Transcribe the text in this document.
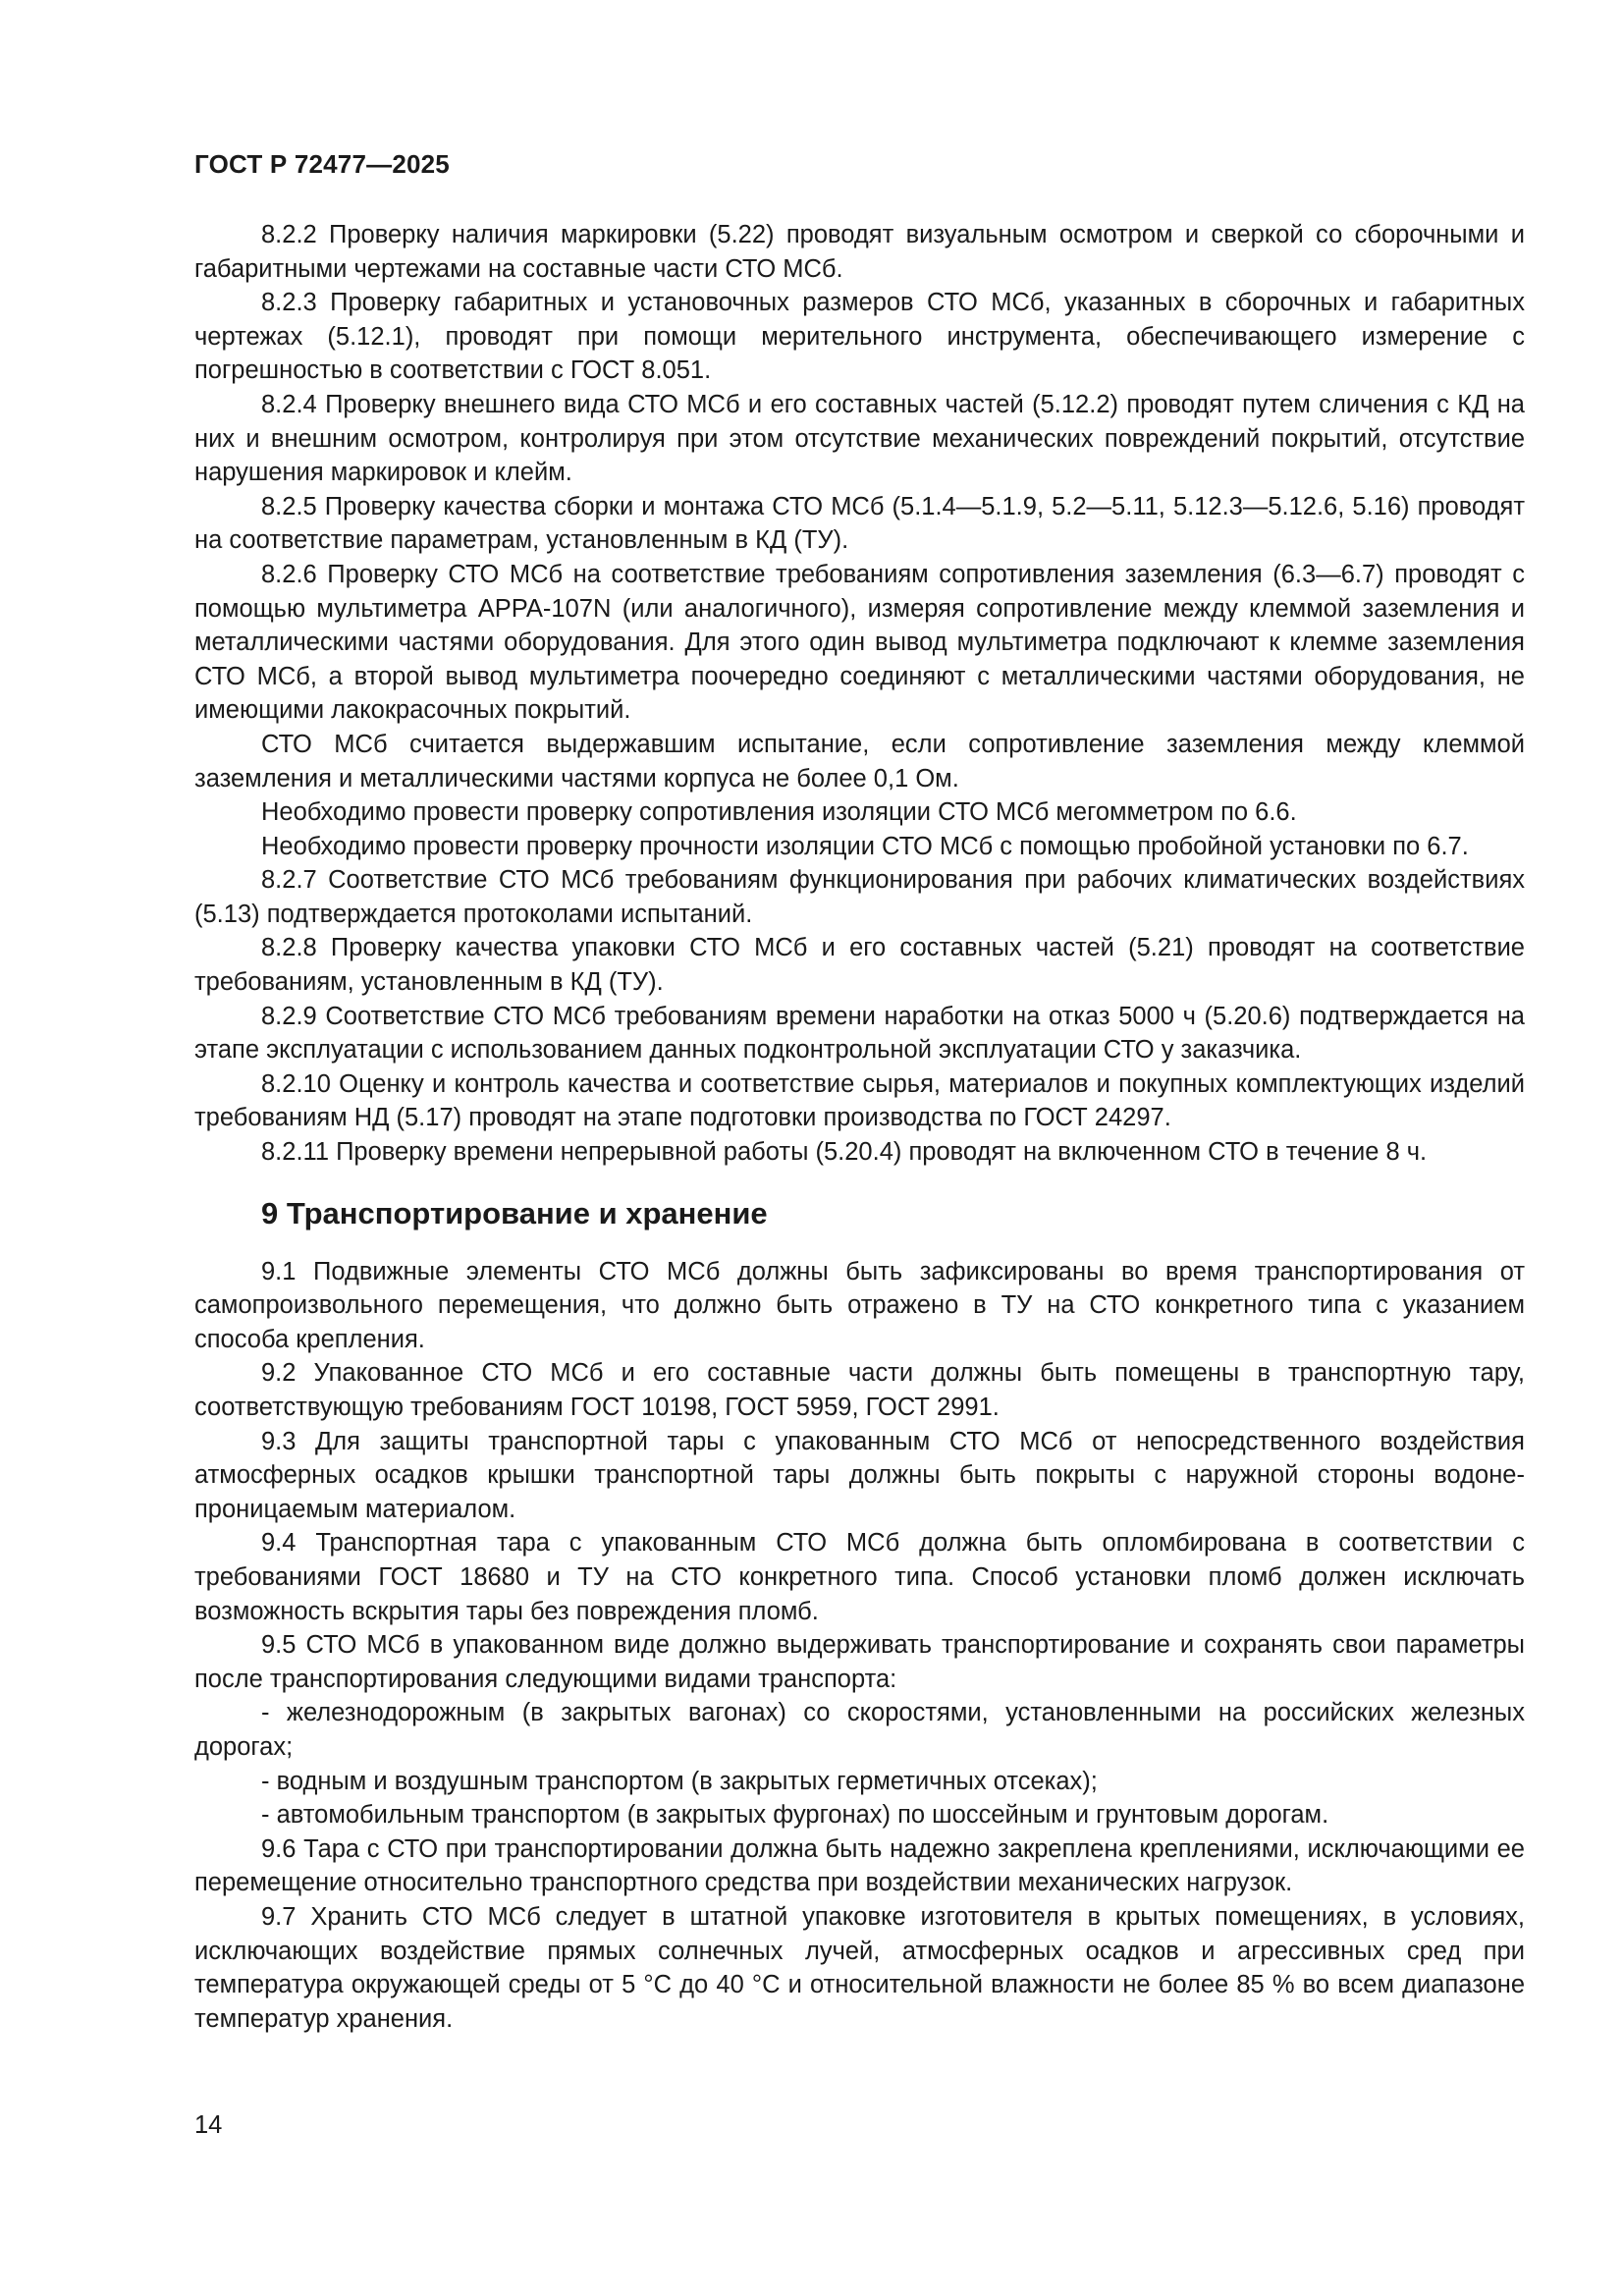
ГОСТ Р 72477—2025

8.2.2 Проверку наличия маркировки (5.22) проводят визуальным осмотром и сверкой со сборочными и габаритными чертежами на составные части СТО МСб.

8.2.3 Проверку габаритных и установочных размеров СТО МСб, указанных в сборочных и габаритных чертежах (5.12.1), проводят при помощи мерительного инструмента, обеспечивающего измерение с погрешностью в соответствии с ГОСТ 8.051.

8.2.4 Проверку внешнего вида СТО МСб и его составных частей (5.12.2) проводят путем сличения с КД на них и внешним осмотром, контролируя при этом отсутствие механических повреждений покрытий, отсутствие нарушения маркировок и клейм.

8.2.5 Проверку качества сборки и монтажа СТО МСб (5.1.4—5.1.9, 5.2—5.11, 5.12.3—5.12.6, 5.16) проводят на соответствие параметрам, установленным в КД (ТУ).

8.2.6 Проверку СТО МСб на соответствие требованиям сопротивления заземления (6.3—6.7) проводят с помощью мультиметра APPA-107N (или аналогичного), измеряя сопротивление между клеммой заземления и металлическими частями оборудования. Для этого один вывод мультиметра подключают к клемме заземления СТО МСб, а второй вывод мультиметра поочередно соединяют с металлическими частями оборудования, не имеющими лакокрасочных покрытий.

СТО МСб считается выдержавшим испытание, если сопротивление заземления между клеммой заземления и металлическими частями корпуса не более 0,1 Ом.

Необходимо провести проверку сопротивления изоляции СТО МСб мегомметром по 6.6.

Необходимо провести проверку прочности изоляции СТО МСб с помощью пробойной установки по 6.7.

8.2.7 Соответствие СТО МСб требованиям функционирования при рабочих климатических воздействиях (5.13) подтверждается протоколами испытаний.

8.2.8 Проверку качества упаковки СТО МСб и его составных частей (5.21) проводят на соответствие требованиям, установленным в КД (ТУ).

8.2.9 Соответствие СТО МСб требованиям времени наработки на отказ 5000 ч (5.20.6) подтверждается на этапе эксплуатации с использованием данных подконтрольной эксплуатации СТО у заказчика.

8.2.10 Оценку и контроль качества и соответствие сырья, материалов и покупных комплектующих изделий требованиям НД (5.17) проводят на этапе подготовки производства по ГОСТ 24297.

8.2.11 Проверку времени непрерывной работы (5.20.4) проводят на включенном СТО в течение 8 ч.

9 Транспортирование и хранение

9.1 Подвижные элементы СТО МСб должны быть зафиксированы во время транспортирования от самопроизвольного перемещения, что должно быть отражено в ТУ на СТО конкретного типа с указанием способа крепления.

9.2 Упакованное СТО МСб и его составные части должны быть помещены в транспортную тару, соответствующую требованиям ГОСТ 10198, ГОСТ 5959, ГОСТ 2991.

9.3 Для защиты транспортной тары с упакованным СТО МСб от непосредственного воздействия атмосферных осадков крышки транспортной тары должны быть покрыты с наружной стороны водонепроницаемым материалом.

9.4 Транспортная тара с упакованным СТО МСб должна быть опломбирована в соответствии с требованиями ГОСТ 18680 и ТУ на СТО конкретного типа. Способ установки пломб должен исключать возможность вскрытия тары без повреждения пломб.

9.5 СТО МСб в упакованном виде должно выдерживать транспортирование и сохранять свои параметры после транспортирования следующими видами транспорта:

- железнодорожным (в закрытых вагонах) со скоростями, установленными на российских железных дорогах;

- водным и воздушным транспортом (в закрытых герметичных отсеках);

- автомобильным транспортом (в закрытых фургонах) по шоссейным и грунтовым дорогам.

9.6 Тара с СТО при транспортировании должна быть надежно закреплена креплениями, исключающими ее перемещение относительно транспортного средства при воздействии механических нагрузок.

9.7 Хранить СТО МСб следует в штатной упаковке изготовителя в крытых помещениях, в условиях, исключающих воздействие прямых солнечных лучей, атмосферных осадков и агрессивных сред при температура окружающей среды от 5 °C до 40 °C и относительной влажности не более 85 % во всем диапазоне температур хранения.

14
